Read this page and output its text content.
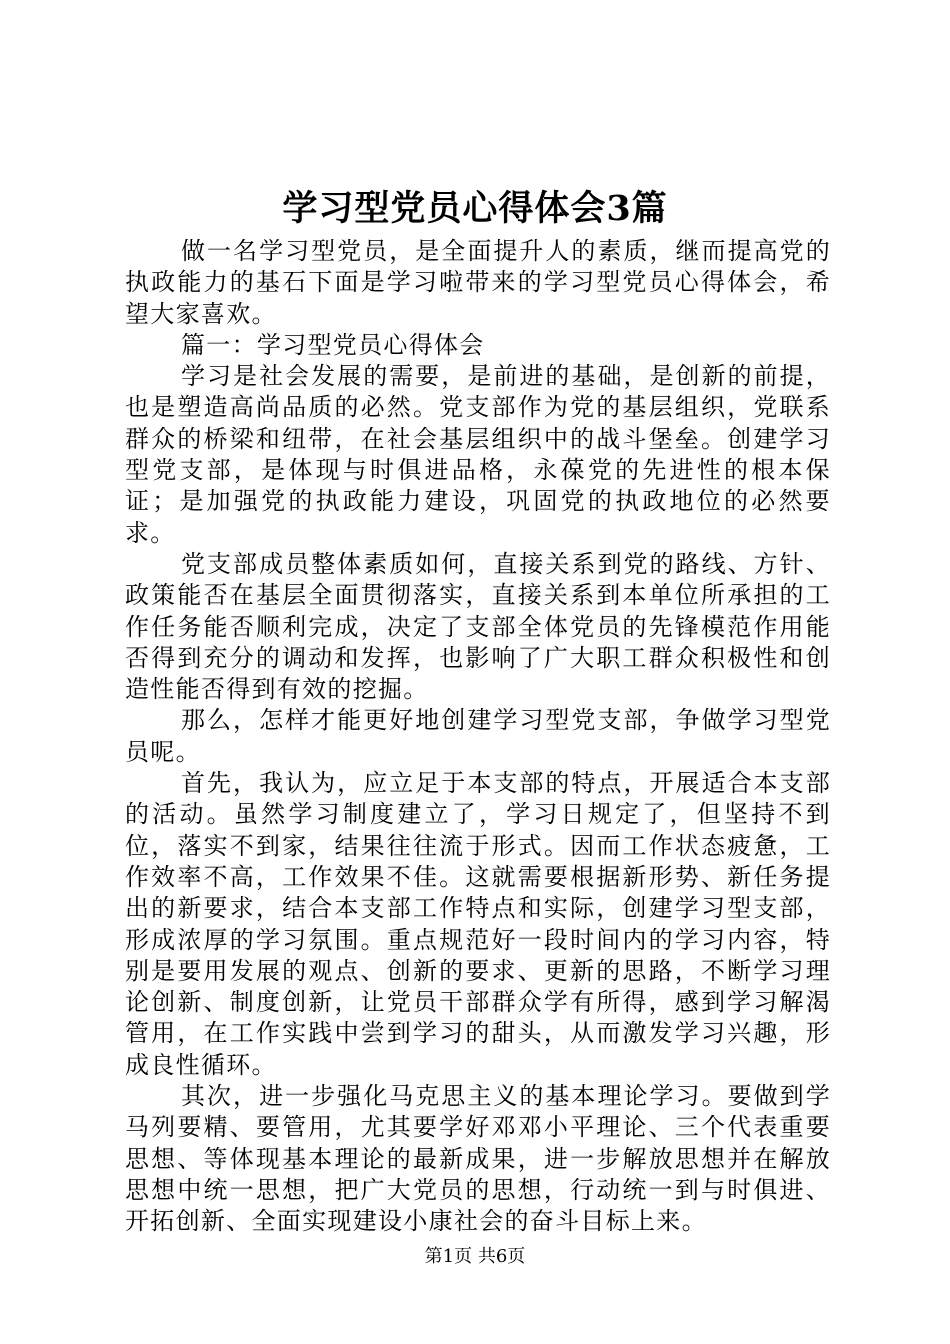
学习型党员心得体会3篇

做一名学习型党员，是全面提升人的素质，继而提高党的执政能力的基石下面是学习啦带来的学习型党员心得体会，希望大家喜欢。

篇一：学习型党员心得体会

学习是社会发展的需要，是前进的基础，是创新的前提，也是塑造高尚品质的必然。党支部作为党的基层组织，党联系群众的桥梁和纽带，在社会基层组织中的战斗堡垒。创建学习型党支部，是体现与时俱进品格，永葆党的先进性的根本保证；是加强党的执政能力建设，巩固党的执政地位的必然要求。

党支部成员整体素质如何，直接关系到党的路线、方针、政策能否在基层全面贯彻落实，直接关系到本单位所承担的工作任务能否顺利完成，决定了支部全体党员的先锋模范作用能否得到充分的调动和发挥，也影响了广大职工群众积极性和创造性能否得到有效的挖掘。

那么，怎样才能更好地创建学习型党支部，争做学习型党员呢。

首先，我认为，应立足于本支部的特点，开展适合本支部的活动。虽然学习制度建立了，学习日规定了，但坚持不到位，落实不到家，结果往往流于形式。因而工作状态疲惫，工作效率不高，工作效果不佳。这就需要根据新形势、新任务提出的新要求，结合本支部工作特点和实际，创建学习型支部，形成浓厚的学习氛围。重点规范好一段时间内的学习内容，特别是要用发展的观点、创新的要求、更新的思路，不断学习理论创新、制度创新，让党员干部群众学有所得，感到学习解渴管用，在工作实践中尝到学习的甜头，从而激发学习兴趣，形成良性循环。

其次，进一步强化马克思主义的基本理论学习。要做到学马列要精、要管用，尤其要学好邓邓小平理论、三个代表重要思想、等体现基本理论的最新成果，进一步解放思想并在解放思想中统一思想，把广大党员的思想，行动统一到与时俱进、开拓创新、全面实现建设小康社会的奋斗目标上来。

第1页 共6页
